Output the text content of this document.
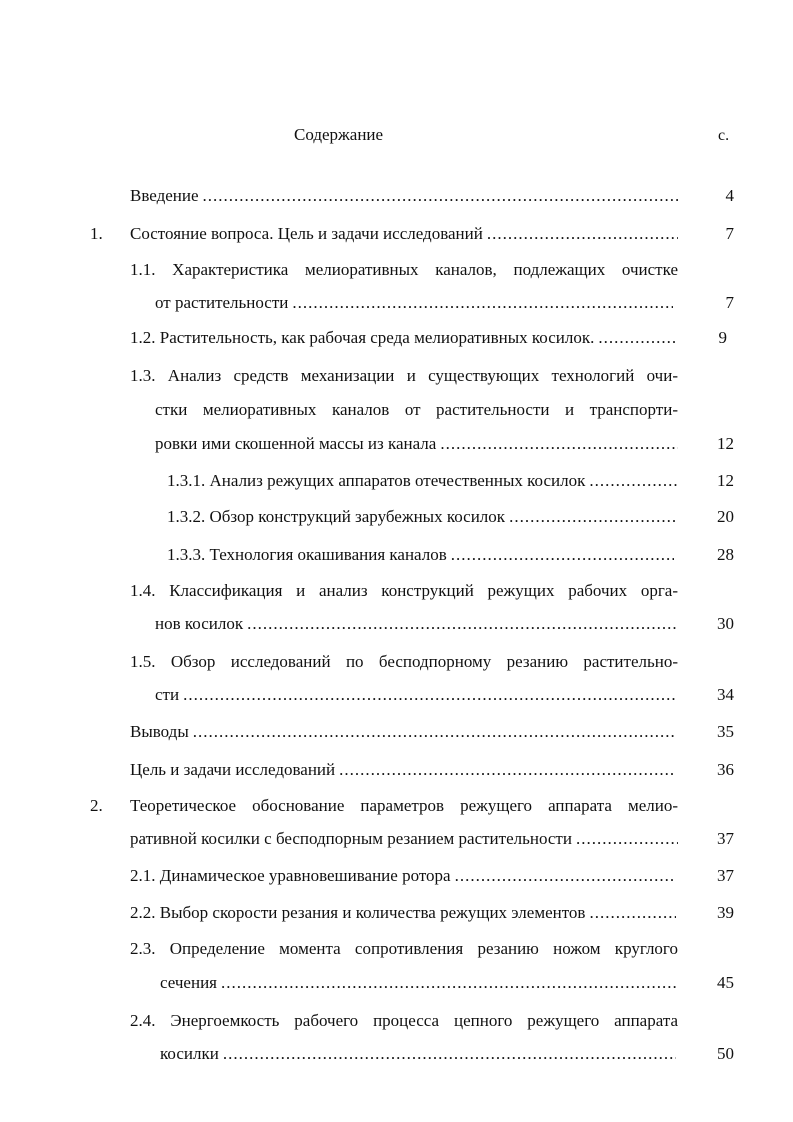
Содержание	с.
Введение .....	4
1. Состояние вопроса. Цель и задачи исследований .....	7
1.1. Характеристика мелиоративных каналов, подлежащих очистке
от растительности .....	7
1.2. Растительность, как рабочая среда мелиоративных косилок. .....	9
1.3. Анализ средств механизации и существующих технологий очи-
стки мелиоративных каналов от растительности и транспорти-
ровки ими скошенной массы из канала .....	12
1.3.1. Анализ режущих аппаратов отечественных косилок .....	12
1.3.2. Обзор конструкций зарубежных косилок .....	20
1.3.3. Технология окашивания каналов .....	28
1.4. Классификация и анализ конструкций режущих рабочих орга-
нов косилок .....	30
1.5. Обзор исследований по бесподпорному резанию растительно-
сти .....	34
Выводы .....	35
Цель и задачи исследований .....	36
2. Теоретическое обоснование параметров режущего аппарата мелио-
ративной косилки с бесподпорным резанием растительности .....	37
2.1. Динамическое уравновешивание ротора .....	37
2.2. Выбор скорости резания и количества режущих элементов .....	39
2.3. Определение момента сопротивления резанию ножом круглого
сечения .....	45
2.4. Энергоемкость рабочего процесса цепного режущего аппарата
косилки .....	50
